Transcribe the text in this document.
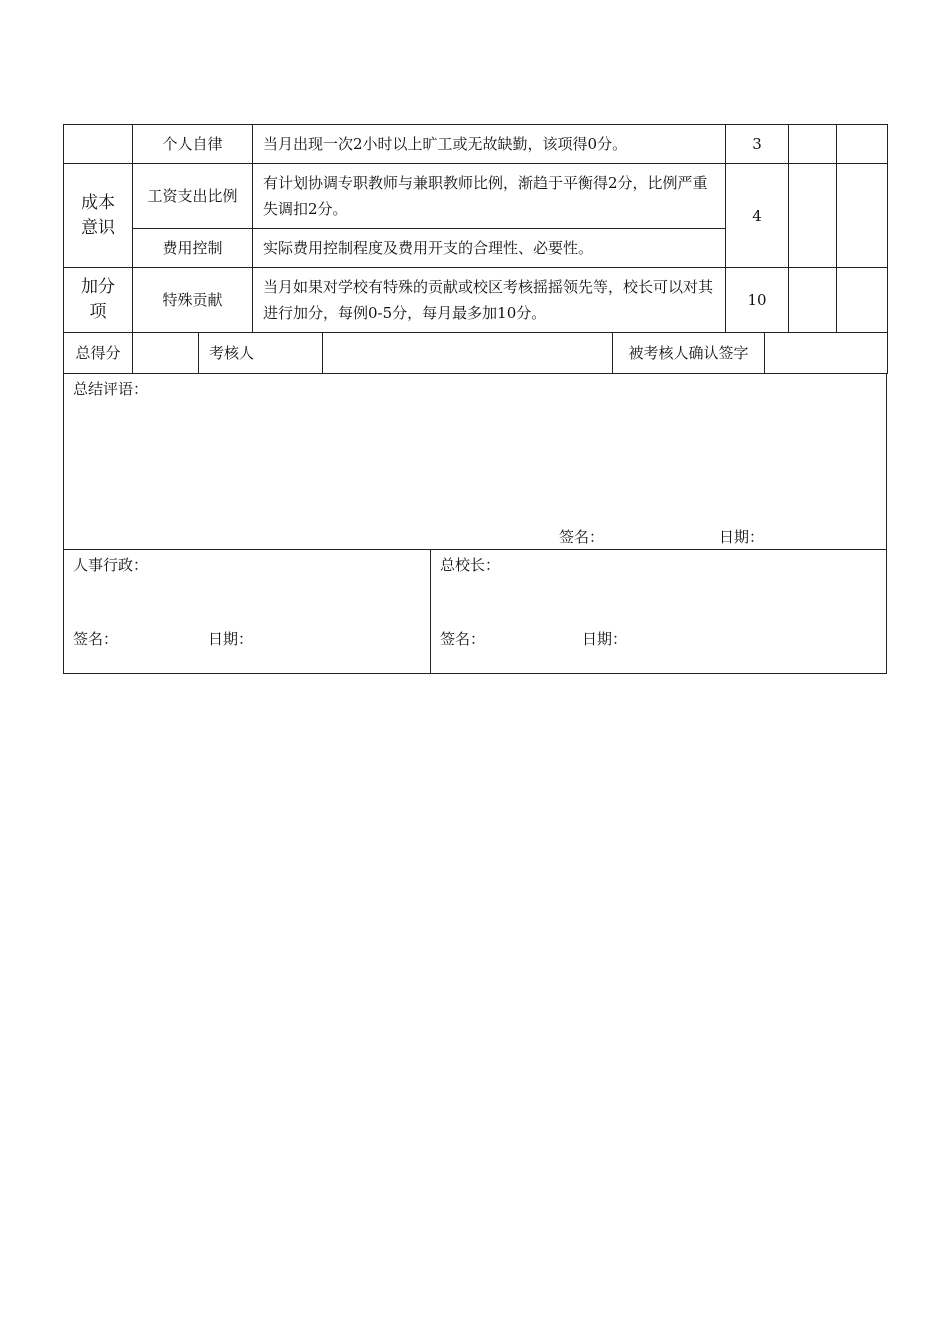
	个人自律	当月出现一次2小时以上旷工或无故缺勤，该项得0分。	3		
成本意识	工资支出比例	有计划协调专职教师与兼职教师比例，渐趋于平衡得2分，比例严重失调扣2分。	4		
	费用控制	实际费用控制程度及费用开支的合理性、必要性。			
加分项	特殊贡献	当月如果对学校有特殊的贡献或校区考核摇摇领先等，校长可以对其进行加分，每例0-5分，每月最多加10分。	10		
总得分		考核人		被考核人确认签字	
总结评语：
签名：	日期：
人事行政：
签名：	日期：
总校长：
签名：	日期：
